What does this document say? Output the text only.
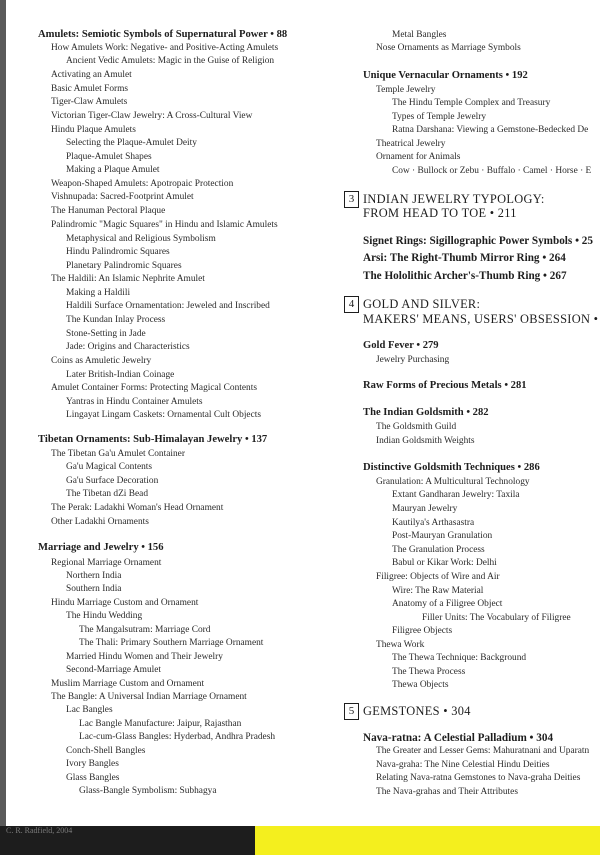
Amulets: Semiotic Symbols of Supernatural Power • 88
How Amulets Work: Negative- and Positive-Acting Amulets
Ancient Vedic Amulets: Magic in the Guise of Religion
Activating an Amulet
Basic Amulet Forms
Tiger-Claw Amulets
Victorian Tiger-Claw Jewelry: A Cross-Cultural View
Hindu Plaque Amulets
Selecting the Plaque-Amulet Deity
Plaque-Amulet Shapes
Making a Plaque Amulet
Weapon-Shaped Amulets: Apotropaic Protection
Vishnupada: Sacred-Footprint Amulet
The Hanuman Pectoral Plaque
Palindromic "Magic Squares" in Hindu and Islamic Amulets
Metaphysical and Religious Symbolism
Hindu Palindromic Squares
Planetary Palindromic Squares
The Haldili: An Islamic Nephrite Amulet
Making a Haldili
Haldili Surface Ornamentation: Jeweled and Inscribed
The Kundan Inlay Process
Stone-Setting in Jade
Jade: Origins and Characteristics
Coins as Amuletic Jewelry
Later British-Indian Coinage
Amulet Container Forms: Protecting Magical Contents
Yantras in Hindu Container Amulets
Lingayat Lingam Caskets: Ornamental Cult Objects
Tibetan Ornaments: Sub-Himalayan Jewelry • 137
The Tibetan Ga'u Amulet Container
Ga'u Magical Contents
Ga'u Surface Decoration
The Tibetan dZi Bead
The Perak: Ladakhi Woman's Head Ornament
Other Ladakhi Ornaments
Marriage and Jewelry • 156
Regional Marriage Ornament
Northern India
Southern India
Hindu Marriage Custom and Ornament
The Hindu Wedding
The Mangalsutram: Marriage Cord
The Thali: Primary Southern Marriage Ornament
Married Hindu Women and Their Jewelry
Second-Marriage Amulet
Muslim Marriage Custom and Ornament
The Bangle: A Universal Indian Marriage Ornament
Lac Bangles
Lac Bangle Manufacture: Jaipur, Rajasthan
Lac-cum-Glass Bangles: Hyderbad, Andhra Pradesh
Conch-Shell Bangles
Ivory Bangles
Glass Bangles
Glass-Bangle Symbolism: Subhagya
Metal Bangles
Nose Ornaments as Marriage Symbols
Unique Vernacular Ornaments • 192
Temple Jewelry
The Hindu Temple Complex and Treasury
Types of Temple Jewelry
Ratna Darshana: Viewing a Gemstone-Bedecked De
Theatrical Jewelry
Ornament for Animals
Cow · Bullock or Zebu · Buffalo · Camel · Horse · E
3 INDIAN JEWELRY TYPOLOGY:
FROM HEAD TO TOE • 211
Signet Rings: Sigillographic Power Symbols • 25
Arsi: The Right-Thumb Mirror Ring • 264
The Hololithic Archer's-Thumb Ring • 267
4 GOLD AND SILVER:
MAKERS' MEANS, USERS' OBSESSION •
Gold Fever • 279
Jewelry Purchasing
Raw Forms of Precious Metals • 281
The Indian Goldsmith • 282
The Goldsmith Guild
Indian Goldsmith Weights
Distinctive Goldsmith Techniques • 286
Granulation: A Multicultural Technology
Extant Gandharan Jewelry: Taxila
Mauryan Jewelry
Kautilya's Arthasastra
Post-Mauryan Granulation
The Granulation Process
Babul or Kikar Work: Delhi
Filigree: Objects of Wire and Air
Wire: The Raw Material
Anatomy of a Filigree Object
Filler Units: The Vocabulary of Filigree
Filigree Objects
Thewa Work
The Thewa Technique: Background
The Thewa Process
Thewa Objects
5 GEMSTONES • 304
Nava-ratna: A Celestial Palladium • 304
The Greater and Lesser Gems: Mahuratnani and Uparatn
Nava-graha: The Nine Celestial Hindu Deities
Relating Nava-ratna Gemstones to Nava-graha Deities
The Nava-grahas and Their Attributes
C. R. Radfield, 2004
